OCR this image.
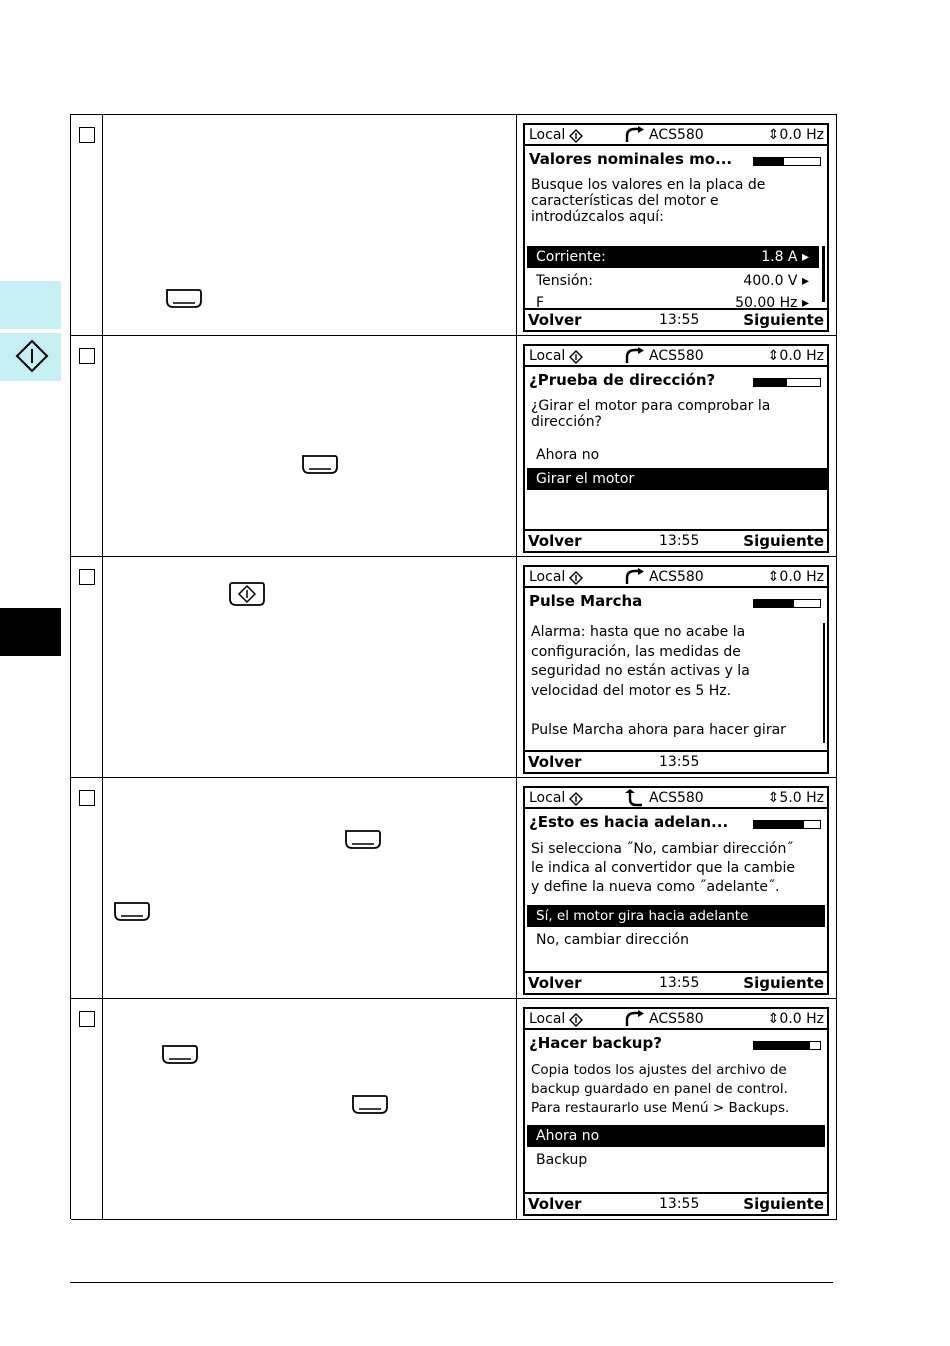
Local	ACS580	⇕0.0 Hz
Valores nominales mo...
Busque los valores en la placa de
características del motor e
introdúzcalos aquí:
Corriente:	1.8 A ▸
Tensión:	400.0 V ▸
F	50.00 Hz ▸
Volver	13:55	Siguiente
Local	ACS580	⇕0.0 Hz
¿Prueba de dirección?
¿Girar el motor para comprobar la
dirección?
Ahora no
Girar el motor
Volver	13:55	Siguiente
Local	ACS580	⇕0.0 Hz
Pulse Marcha
Alarma: hasta que no acabe la
configuración, las medidas de
seguridad no están activas y la
velocidad del motor es 5 Hz.

Pulse Marcha ahora para hacer girar
Volver	13:55
Local	ACS580	⇕5.0 Hz
¿Esto es hacia adelan...
Si selecciona ˝No, cambiar dirección˝
le indica al convertidor que la cambie
y define la nueva como ˝adelante˝.
Sí, el motor gira hacia adelante
No, cambiar dirección
Volver	13:55	Siguiente
Local	ACS580	⇕0.0 Hz
¿Hacer backup?
Copia todos los ajustes del archivo de
backup guardado en panel de control.
Para restaurarlo use Menú > Backups.
Ahora no
Backup
Volver	13:55	Siguiente
